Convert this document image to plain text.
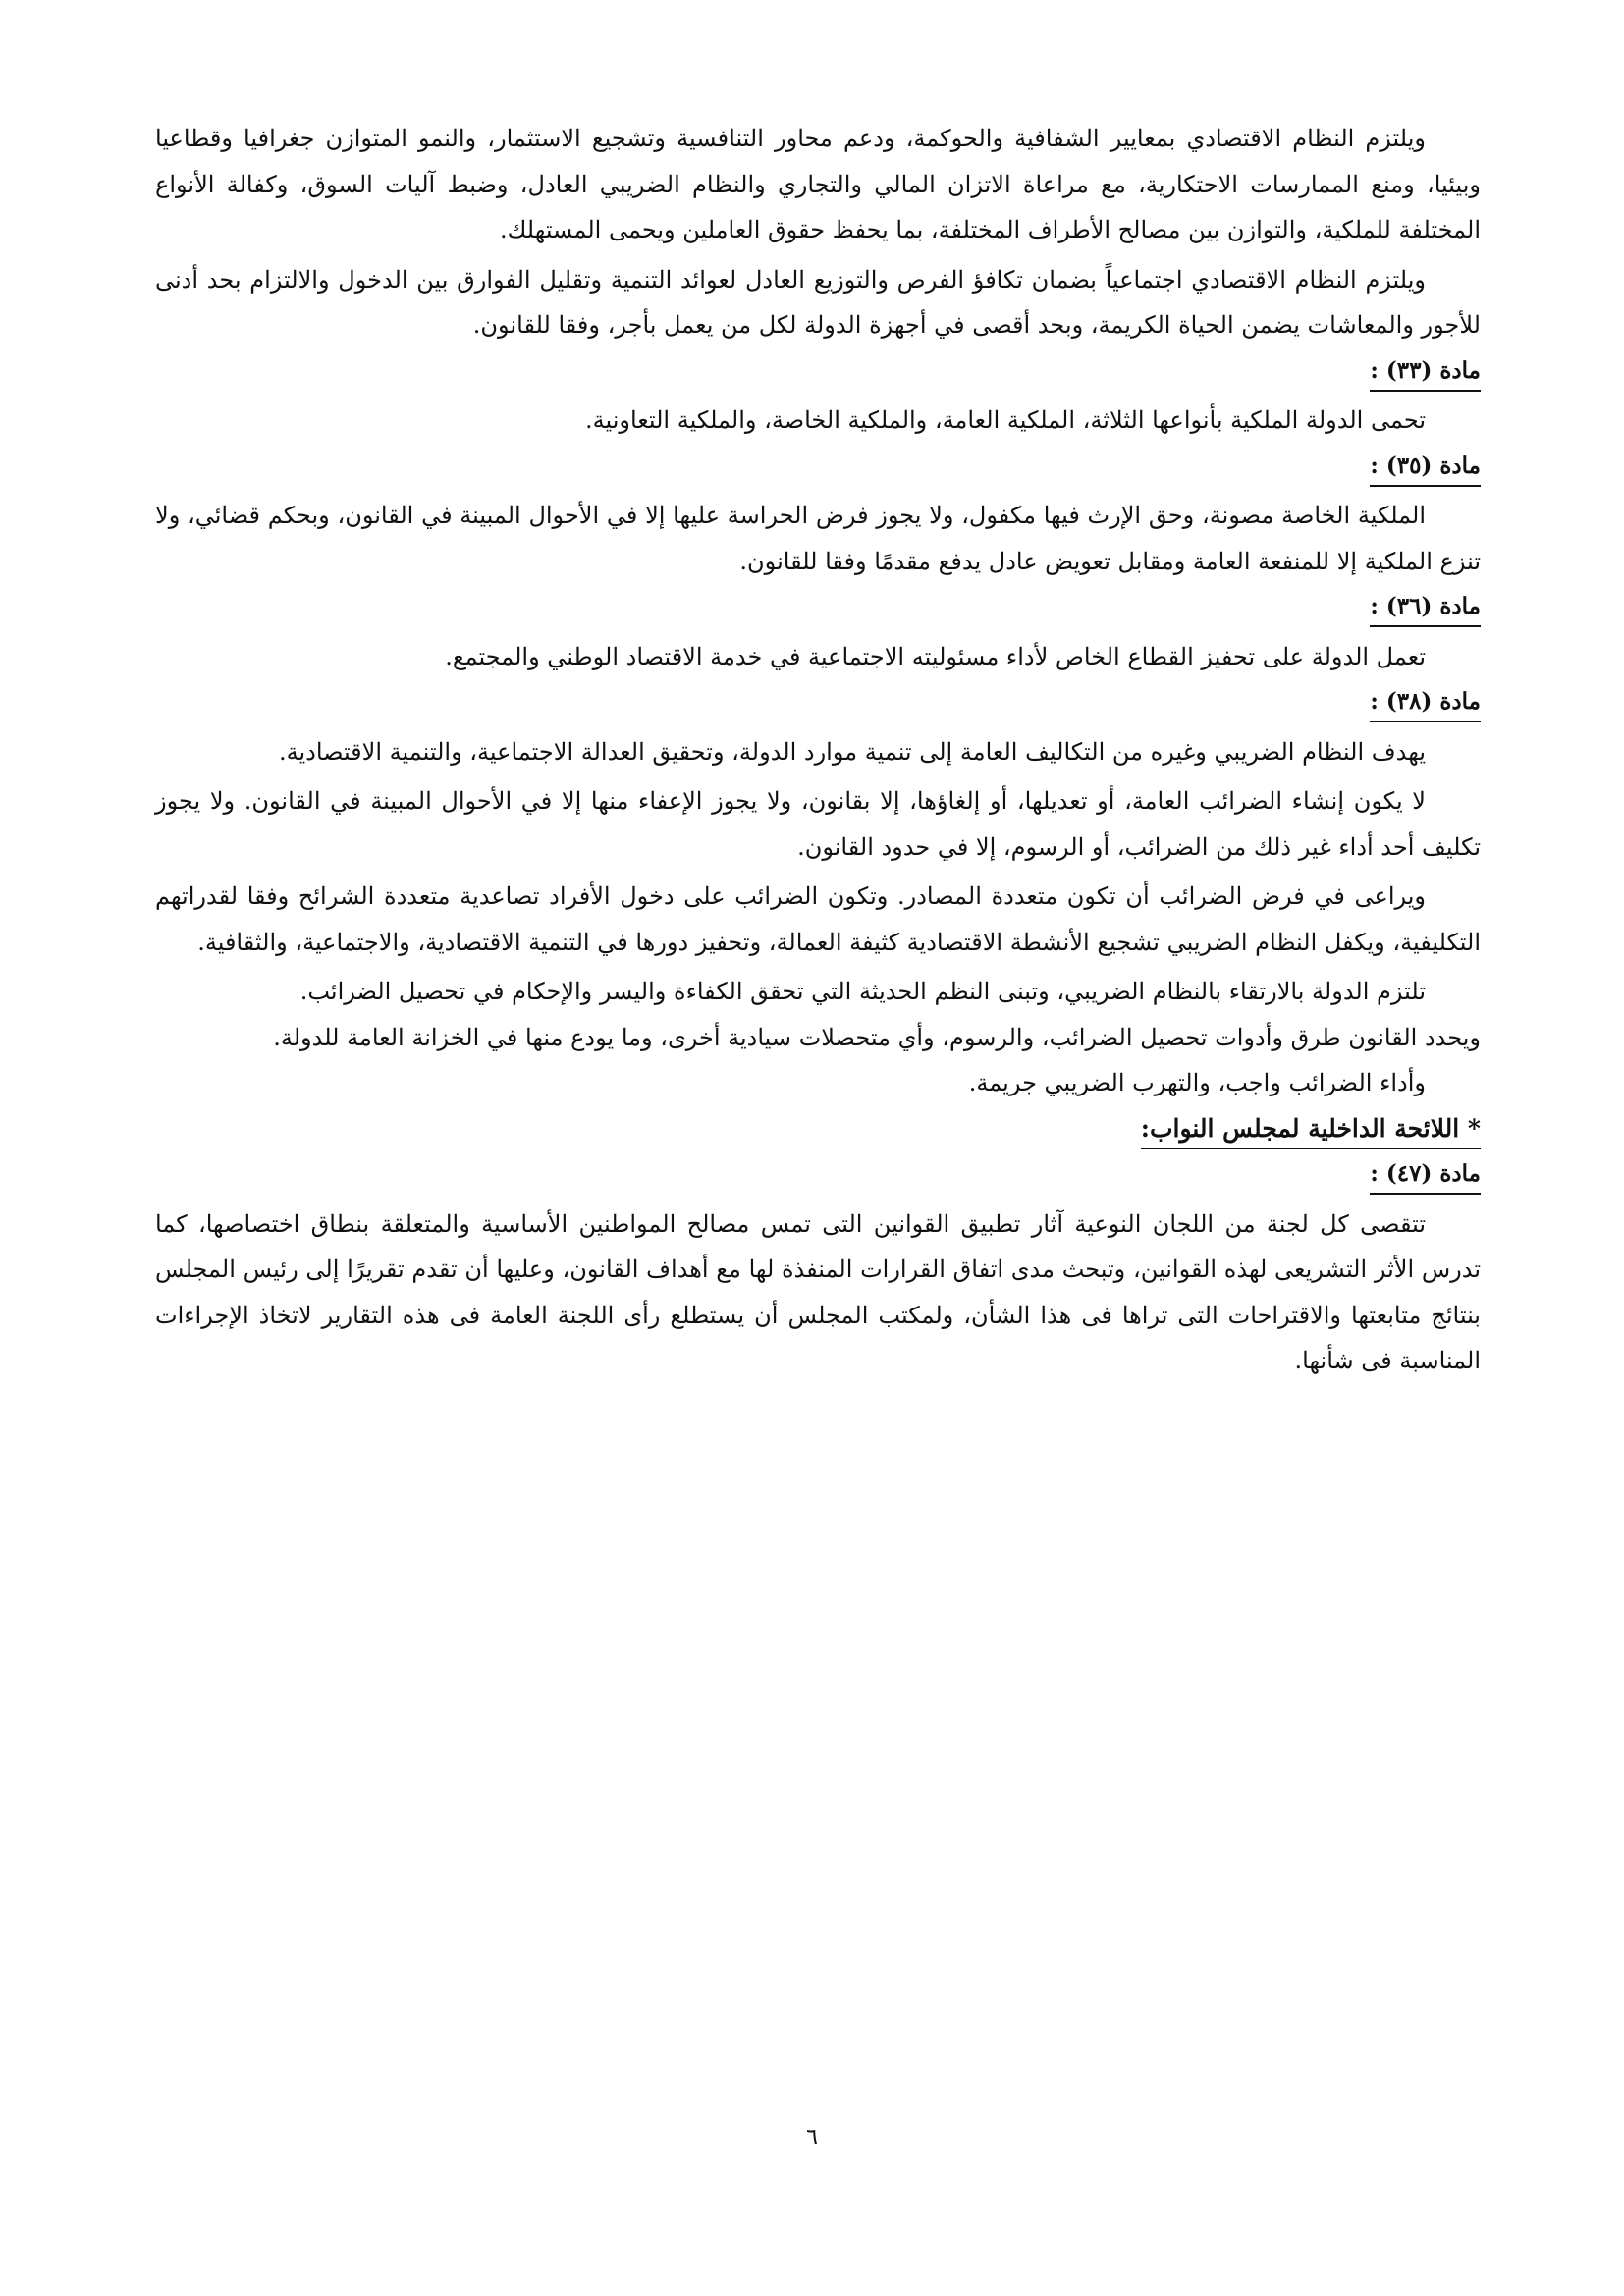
ويلتزم النظام الاقتصادي بمعايير الشفافية والحوكمة، ودعم محاور التنافسية وتشجيع الاستثمار، والنمو المتوازن جغرافيا وقطاعيا وبيئيا، ومنع الممارسات الاحتكارية، مع مراعاة الاتزان المالي والتجاري والنظام الضريبي العادل، وضبط آليات السوق، وكفالة الأنواع المختلفة للملكية، والتوازن بين مصالح الأطراف المختلفة، بما يحفظ حقوق العاملين ويحمى المستهلك.

ويلتزم النظام الاقتصادي اجتماعياً بضمان تكافؤ الفرص والتوزيع العادل لعوائد التنمية وتقليل الفوارق بين الدخول والالتزام بحد أدنى للأجور والمعاشات يضمن الحياة الكريمة، وبحد أقصى في أجهزة الدولة لكل من يعمل بأجر، وفقا للقانون.

مادة (٣٣) :

تحمى الدولة الملكية بأنواعها الثلاثة، الملكية العامة، والملكية الخاصة، والملكية التعاونية.

مادة (٣٥) :

الملكية الخاصة مصونة، وحق الإرث فيها مكفول، ولا يجوز فرض الحراسة عليها إلا في الأحوال المبينة في القانون، وبحكم قضائي، ولا تنزع الملكية إلا للمنفعة العامة ومقابل تعويض عادل يدفع مقدمًا وفقا للقانون.

مادة (٣٦) :

تعمل الدولة على تحفيز القطاع الخاص لأداء مسئوليته الاجتماعية في خدمة الاقتصاد الوطني والمجتمع.

مادة (٣٨) :

يهدف النظام الضريبي وغيره من التكاليف العامة إلى تنمية موارد الدولة، وتحقيق العدالة الاجتماعية، والتنمية الاقتصادية.

لا يكون إنشاء الضرائب العامة، أو تعديلها، أو إلغاؤها، إلا بقانون، ولا يجوز الإعفاء منها إلا في الأحوال المبينة في القانون. ولا يجوز تكليف أحد أداء غير ذلك من الضرائب، أو الرسوم، إلا في حدود القانون.

ويراعى في فرض الضرائب أن تكون متعددة المصادر. وتكون الضرائب على دخول الأفراد تصاعدية متعددة الشرائح وفقا لقدراتهم التكليفية، ويكفل النظام الضريبي تشجيع الأنشطة الاقتصادية كثيفة العمالة، وتحفيز دورها في التنمية الاقتصادية، والاجتماعية، والثقافية.

تلتزم الدولة بالارتقاء بالنظام الضريبي، وتبنى النظم الحديثة التي تحقق الكفاءة واليسر والإحكام في تحصيل الضرائب.

ويحدد القانون طرق وأدوات تحصيل الضرائب، والرسوم، وأي متحصلات سيادية أخرى، وما يودع منها في الخزانة العامة للدولة.

وأداء الضرائب واجب، والتهرب الضريبي جريمة.

* اللائحة الداخلية لمجلس النواب:
مادة (٤٧) :

تتقصى كل لجنة من اللجان النوعية آثار تطبيق القوانين التى تمس مصالح المواطنين الأساسية والمتعلقة بنطاق اختصاصها، كما تدرس الأثر التشريعى لهذه القوانين، وتبحث مدى اتفاق القرارات المنفذة لها مع أهداف القانون، وعليها أن تقدم تقريرًا إلى رئيس المجلس بنتائج متابعتها والاقتراحات التى تراها فى هذا الشأن، ولمكتب المجلس أن يستطلع رأى اللجنة العامة فى هذه التقارير لاتخاذ الإجراءات المناسبة فى شأنها.

٦
